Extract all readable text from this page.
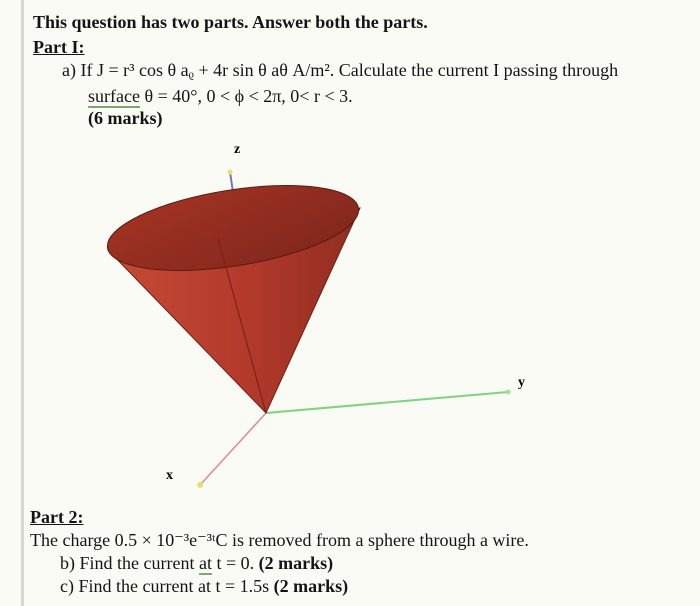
This question has two parts. Answer both the parts.
Part I:
a) If J = r³ cos θ aᵨ + 4r sin θ aθ A/m². Calculate the current I passing through
surface θ = 40°, 0 < ϕ < 2π, 0< r < 3.
(6 marks)
z
y
x
Part 2:
The charge 0.5 × 10⁻³e⁻³ᵗC is removed from a sphere through a wire.
b) Find the current at t = 0. (2 marks)
c) Find the current at t = 1.5s (2 marks)
